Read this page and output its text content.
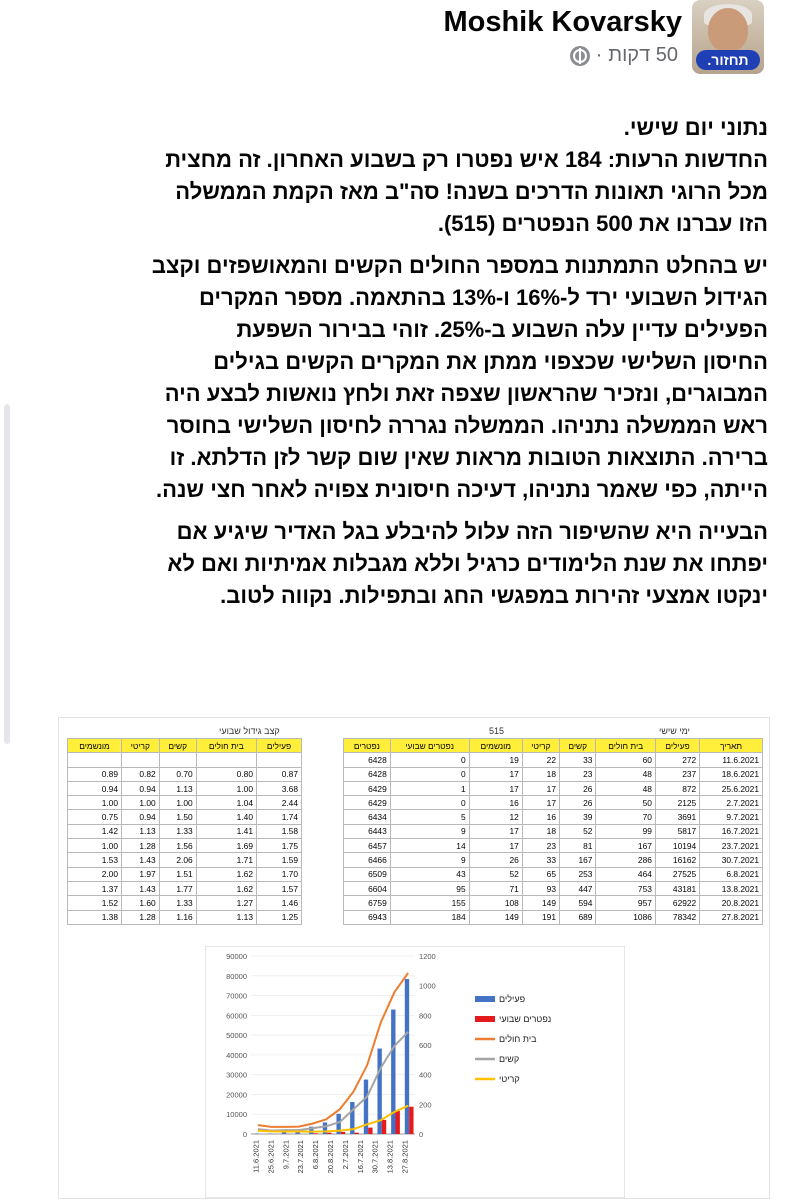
Moshik Kovarsky
50 דקות
·	תחזור.

נתוני יום שישי.
החדשות הרעות: 184 איש נפטרו רק בשבוע האחרון. זה מחצית
מכל הרוגי תאונות הדרכים בשנה! סה"ב מאז הקמת הממשלה
הזו עברנו את 500 הנפטרים (515).

יש בהחלט התמתנות במספר החולים הקשים והמאושפזים וקצב
הגידול השבועי ירד ל-16% ו-13% בהתאמה. מספר המקרים
הפעילים עדיין עלה השבוע ב-25%. זוהי בבירור השפעת
החיסון השלישי שכצפוי ממתן את המקרים הקשים בגילים
המבוגרים, ונזכיר שהראשון שצפה זאת ולחץ נואשות לבצע היה
ראש הממשלה נתניהו. הממשלה נגררה לחיסון השלישי בחוסר
ברירה. התוצאות הטובות מראות שאין שום קשר לזן הדלתא. זו
הייתה, כפי שאמר נתניהו, דעיכה חיסונית צפויה לאחר חצי שנה.

הבעייה היא שהשיפור הזה עלול להיבלע בגל האדיר שיגיע אם
יפתחו את שנת הלימודים כרגיל וללא מגבלות אמיתיות ואם לא
ינקטו אמצעי זהירות במפגשי החג ובתפילות. נקווה לטוב.

קצב גידול שבועי	515	ימי שישי
מונשמים	קריטי	קשים	בית חולים	פעילים

0.89	0.82	0.70	0.80	0.87
0.94	0.94	1.13	1.00	3.68
1.00	1.00	1.00	1.04	2.44
0.75	0.94	1.50	1.40	1.74
1.42	1.13	1.33	1.41	1.58
1.00	1.28	1.56	1.69	1.75
1.53	1.43	2.06	1.71	1.59
2.00	1.97	1.51	1.62	1.70
1.37	1.43	1.77	1.62	1.57
1.52	1.60	1.33	1.27	1.46
1.38	1.28	1.16	1.13	1.25
נפטרים	נפטרים שבועי	מונשמים	קריטי	קשים	בית חולים	פעילים	תאריך
6428	0	19	22	33	60	272	11.6.2021
6428	0	17	18	23	48	237	18.6.2021
6429	1	17	17	26	48	872	25.6.2021
6429	0	16	17	26	50	2125	2.7.2021
6434	5	12	16	39	70	3691	9.7.2021
6443	9	17	18	52	99	5817	16.7.2021
6457	14	17	23	81	167	10194	23.7.2021
6466	9	26	33	167	286	16162	30.7.2021
6509	43	52	65	253	464	27525	6.8.2021
6604	95	71	93	447	753	43181	13.8.2021
6759	155	108	149	594	957	62922	20.8.2021
6943	184	149	191	689	1086	78342	27.8.2021
0
10000
20000
30000
40000
50000
60000
70000
80000
90000
0
200
400
600
800
1000
1200
11.6.2021 25.6.2021 9.7.2021 23.7.2021 6.8.2021 20.8.2021 2.7.2021 16.7.2021 30.7.2021 13.8.2021 27.8.2021
פעילים
נפטרים שבועי
בית חולים
קשים
קריטי
